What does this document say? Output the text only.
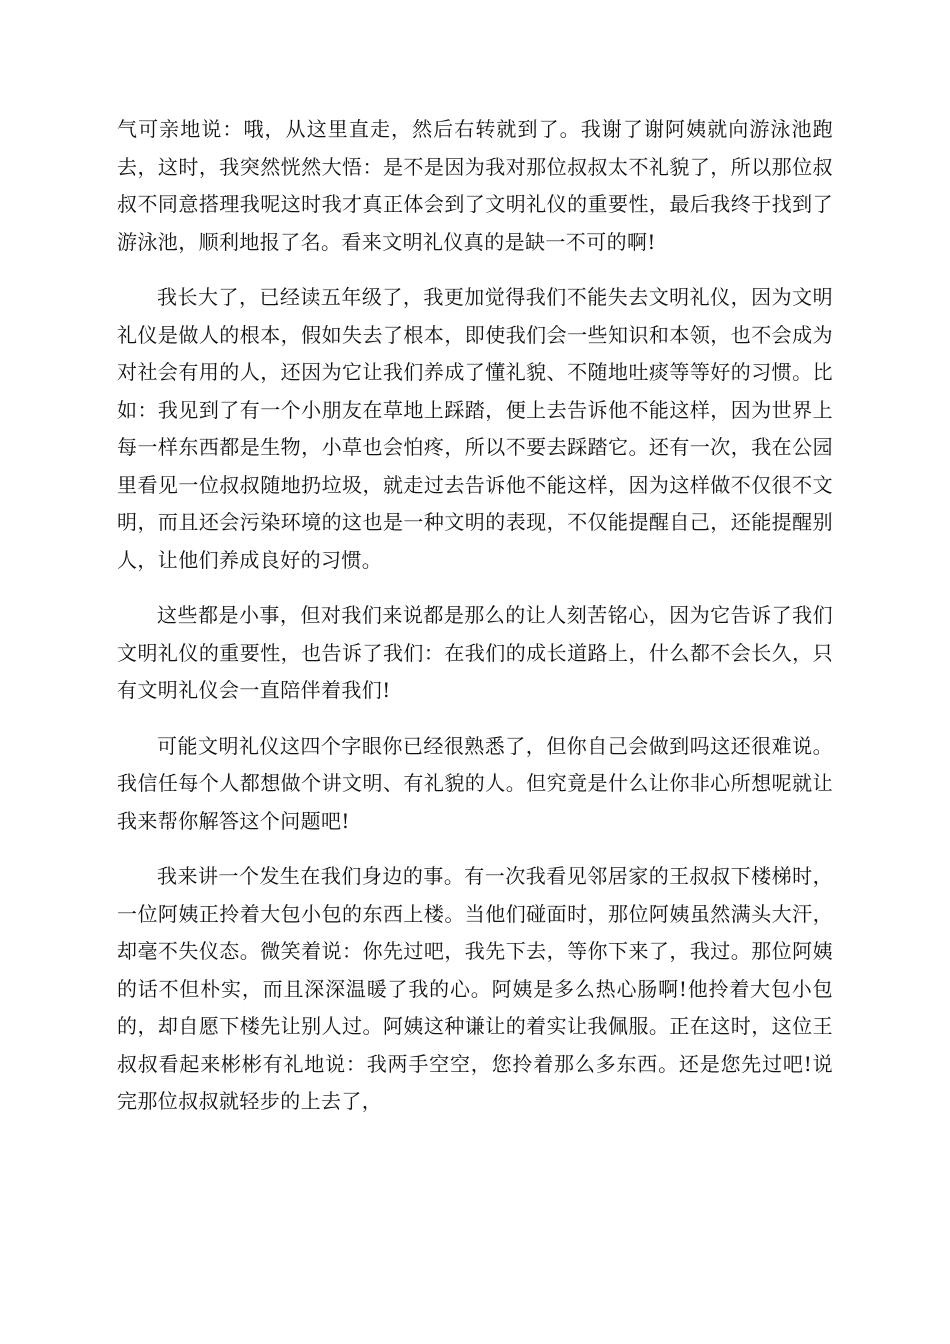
气可亲地说：哦，从这里直走，然后右转就到了。我谢了谢阿姨就向游泳池跑去，这时，我突然恍然大悟：是不是因为我对那位叔叔太不礼貌了，所以那位叔叔不同意搭理我呢这时我才真正体会到了文明礼仪的重要性，最后我终于找到了游泳池，顺利地报了名。看来文明礼仪真的是缺一不可的啊!

我长大了，已经读五年级了，我更加觉得我们不能失去文明礼仪，因为文明礼仪是做人的根本，假如失去了根本，即使我们会一些知识和本领，也不会成为对社会有用的人，还因为它让我们养成了懂礼貌、不随地吐痰等等好的习惯。比如：我见到了有一个小朋友在草地上踩踏，便上去告诉他不能这样，因为世界上每一样东西都是生物，小草也会怕疼，所以不要去踩踏它。还有一次，我在公园里看见一位叔叔随地扔垃圾，就走过去告诉他不能这样，因为这样做不仅很不文明，而且还会污染环境的这也是一种文明的表现，不仅能提醒自己，还能提醒别人，让他们养成良好的习惯。

这些都是小事，但对我们来说都是那么的让人刻苦铭心，因为它告诉了我们文明礼仪的重要性，也告诉了我们：在我们的成长道路上，什么都不会长久，只有文明礼仪会一直陪伴着我们!

可能文明礼仪这四个字眼你已经很熟悉了，但你自己会做到吗这还很难说。我信任每个人都想做个讲文明、有礼貌的人。但究竟是什么让你非心所想呢就让我来帮你解答这个问题吧!

我来讲一个发生在我们身边的事。有一次我看见邻居家的王叔叔下楼梯时，一位阿姨正拎着大包小包的东西上楼。当他们碰面时，那位阿姨虽然满头大汗，却毫不失仪态。微笑着说：你先过吧，我先下去，等你下来了，我过。那位阿姨的话不但朴实，而且深深温暖了我的心。阿姨是多么热心肠啊!他拎着大包小包的，却自愿下楼先让别人过。阿姨这种谦让的着实让我佩服。正在这时，这位王叔叔看起来彬彬有礼地说：我两手空空，您拎着那么多东西。还是您先过吧!说完那位叔叔就轻步的上去了，
